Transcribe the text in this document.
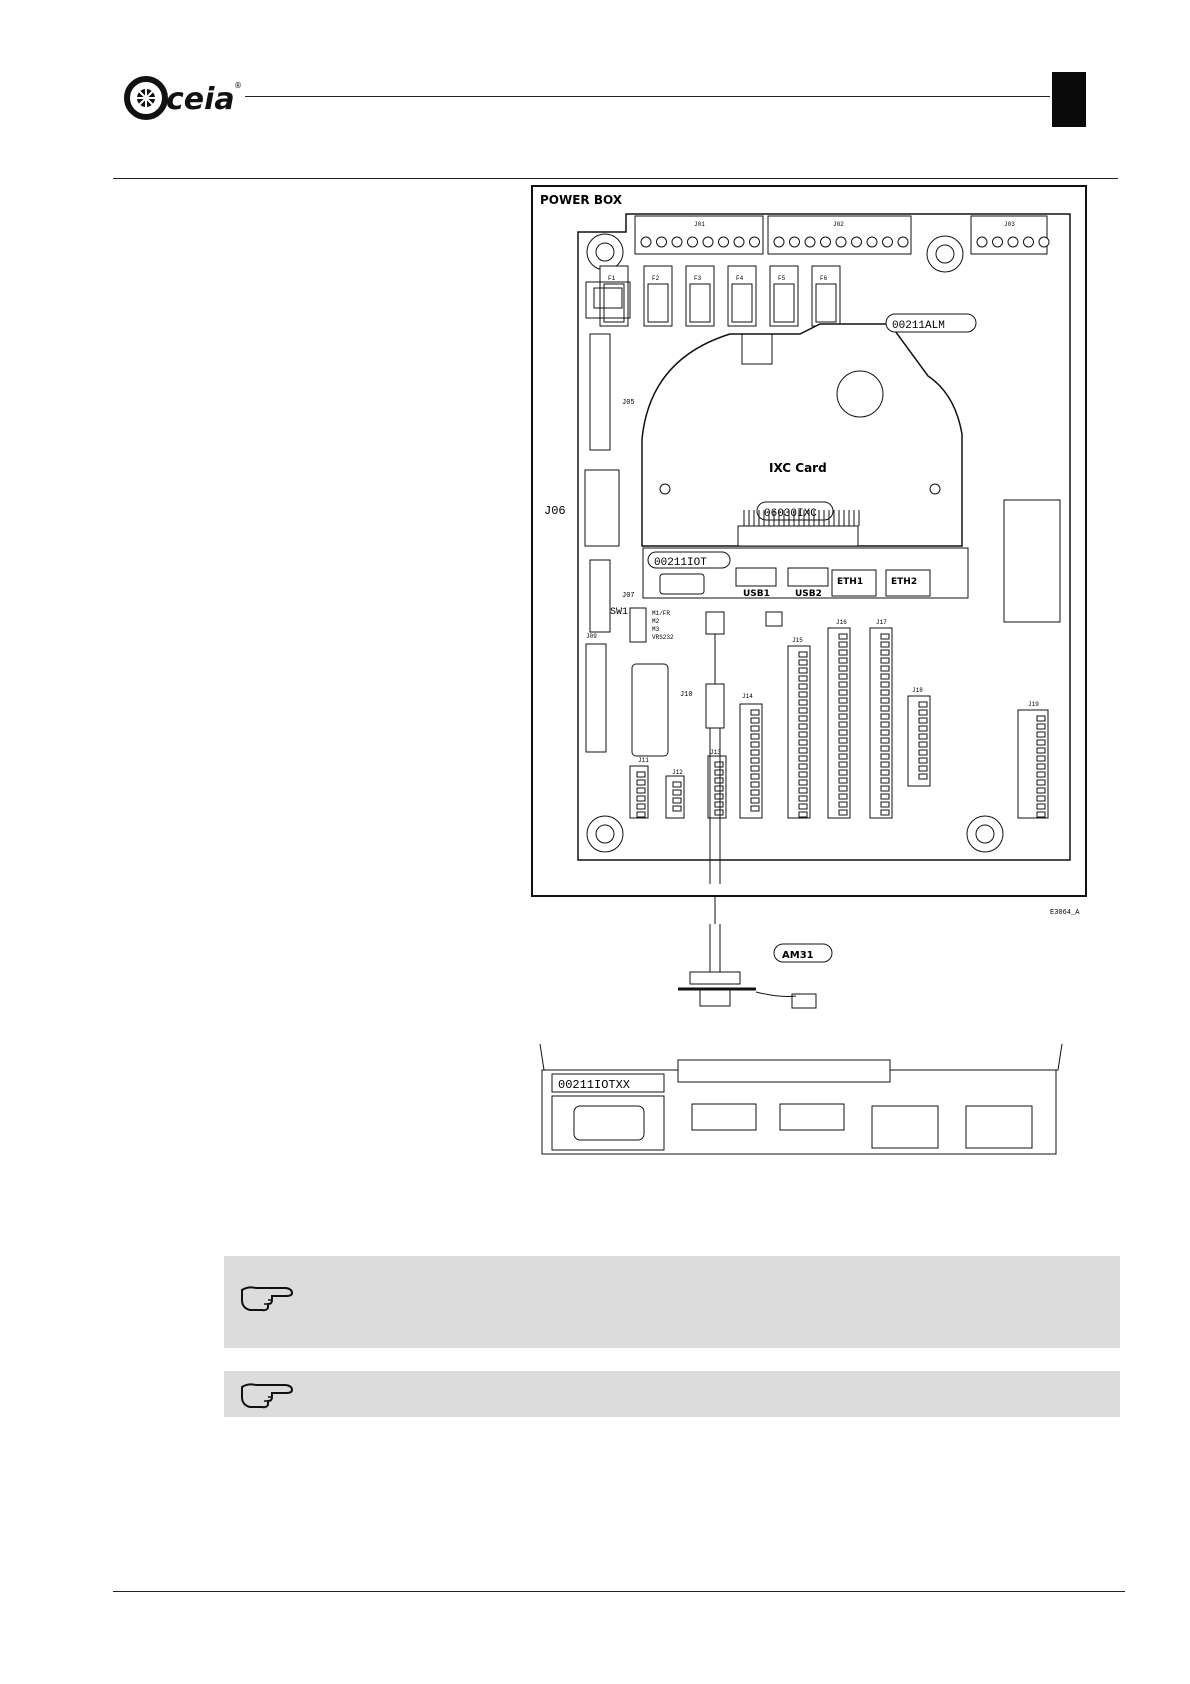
ceia ®
POWER BOX
J01	J02	J03
F1	F2	F3	F4	F5	F6
J05
J06
J07
IXC Card
06030IXC
00211ALM
00211IOT
USB1	USB2
ETH1	ETH2
SW1	M1/FR
M2
M3
VRS232
J09
J10
J11
J12
J13
J14
J15
J16	J17
J18
J19
E3064_A
AM31
00211IOTXX
